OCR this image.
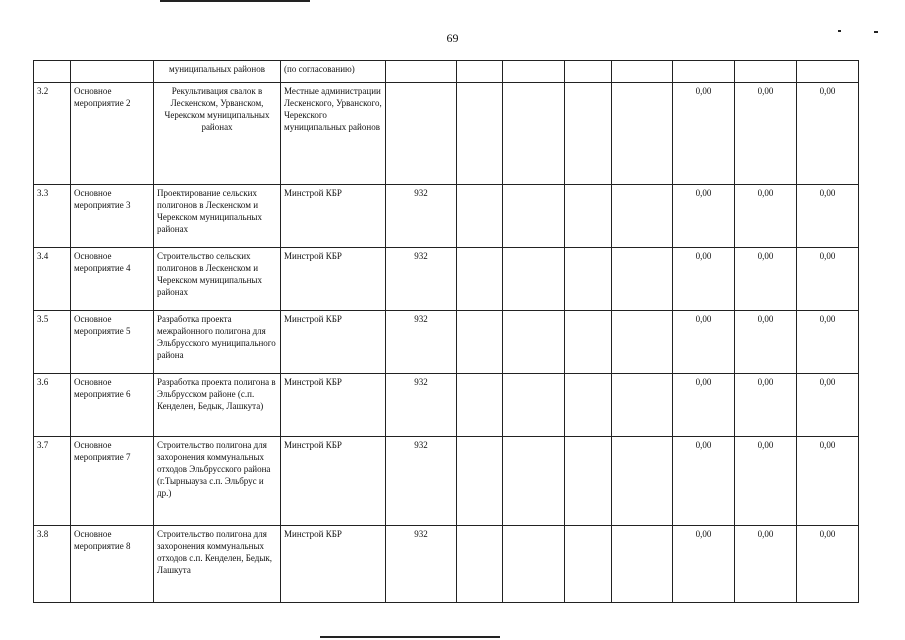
69
		муниципальных районов	(по согласованию)								
3.2	Основное мероприятие 2	Рекультивация свалок в Лескенском, Урванском, Черекском муниципальных районах	Местные администрации Лескенского, Урванского, Черекского муниципальных районов						0,00	0,00	0,00
3.3	Основное мероприятие 3	Проектирование сельских полигонов в Лескенском и Черекском муниципальных районах	Минстрой КБР	932					0,00	0,00	0,00
3.4	Основное мероприятие 4	Строительство сельских полигонов в Лескенском и Черекском муниципальных районах	Минстрой КБР	932					0,00	0,00	0,00
3.5	Основное мероприятие 5	Разработка проекта межрайонного полигона для Эльбрусского муниципального района	Минстрой КБР	932					0,00	0,00	0,00
3.6	Основное мероприятие 6	Разработка проекта полигона в Эльбрусском районе (с.п. Кенделен, Бедык, Лашкута)	Минстрой КБР	932					0,00	0,00	0,00
3.7	Основное мероприятие 7	Строительство полигона для захоронения коммунальных отходов Эльбрусского района (г.Тырныауза с.п. Эльбрус и др.)	Минстрой КБР	932					0,00	0,00	0,00
3.8	Основное мероприятие 8	Строительство полигона для захоронения коммунальных отходов с.п. Кенделен, Бедык, Лашкута	Минстрой КБР	932					0,00	0,00	0,00
